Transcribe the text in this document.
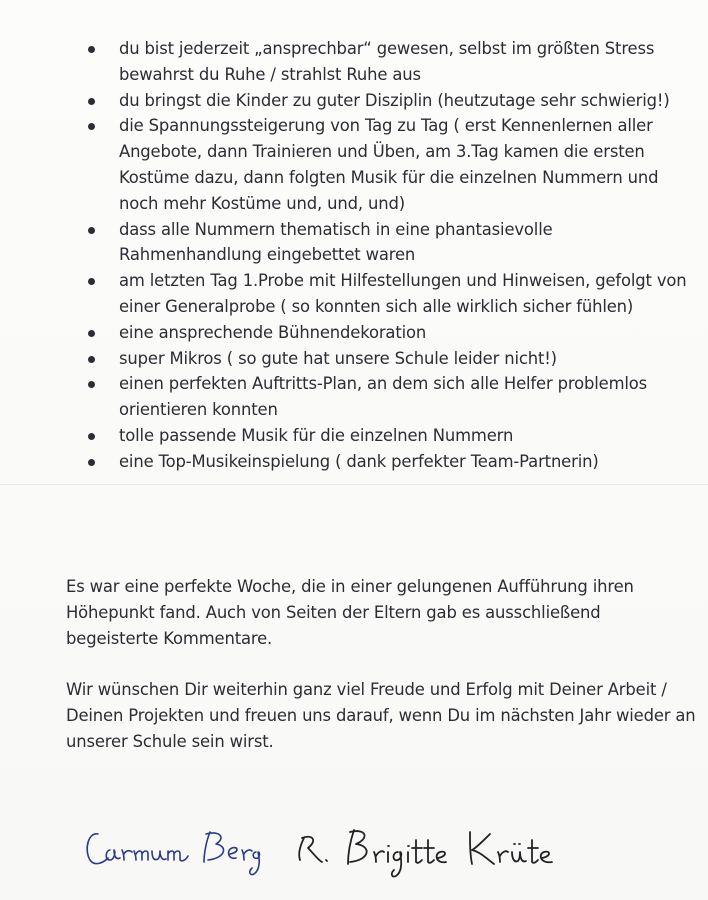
du bist jederzeit „ansprechbar“ gewesen, selbst im größten Stress bewahrst du Ruhe / strahlst Ruhe aus
du bringst die Kinder zu guter Disziplin (heutzutage sehr schwierig!)
die Spannungssteigerung von Tag zu Tag ( erst Kennenlernen aller Angebote, dann Trainieren und Üben, am 3.Tag kamen die ersten Kostüme dazu, dann folgten Musik für die einzelnen Nummern und noch mehr Kostüme und, und, und)
dass alle Nummern thematisch in eine phantasievolle Rahmenhandlung eingebettet waren
am letzten Tag 1.Probe mit Hilfestellungen und Hinweisen, gefolgt von einer Generalprobe ( so konnten sich alle wirklich sicher fühlen)
eine ansprechende Bühnendekoration
super Mikros ( so gute hat unsere Schule leider nicht!)
einen perfekten Auftritts-Plan, an dem sich alle Helfer problemlos orientieren konnten
tolle passende Musik für die einzelnen Nummern
eine Top-Musikeinspielung ( dank perfekter Team-Partnerin)

Es war eine perfekte Woche, die in einer gelungenen Aufführung ihren Höhepunkt fand. Auch von Seiten der Eltern gab es ausschließend begeisterte Kommentare.

Wir wünschen Dir weiterhin ganz viel Freude und Erfolg mit Deiner Arbeit / Deinen Projekten und freuen uns darauf, wenn Du im nächsten Jahr wieder an unserer Schule sein wirst.
